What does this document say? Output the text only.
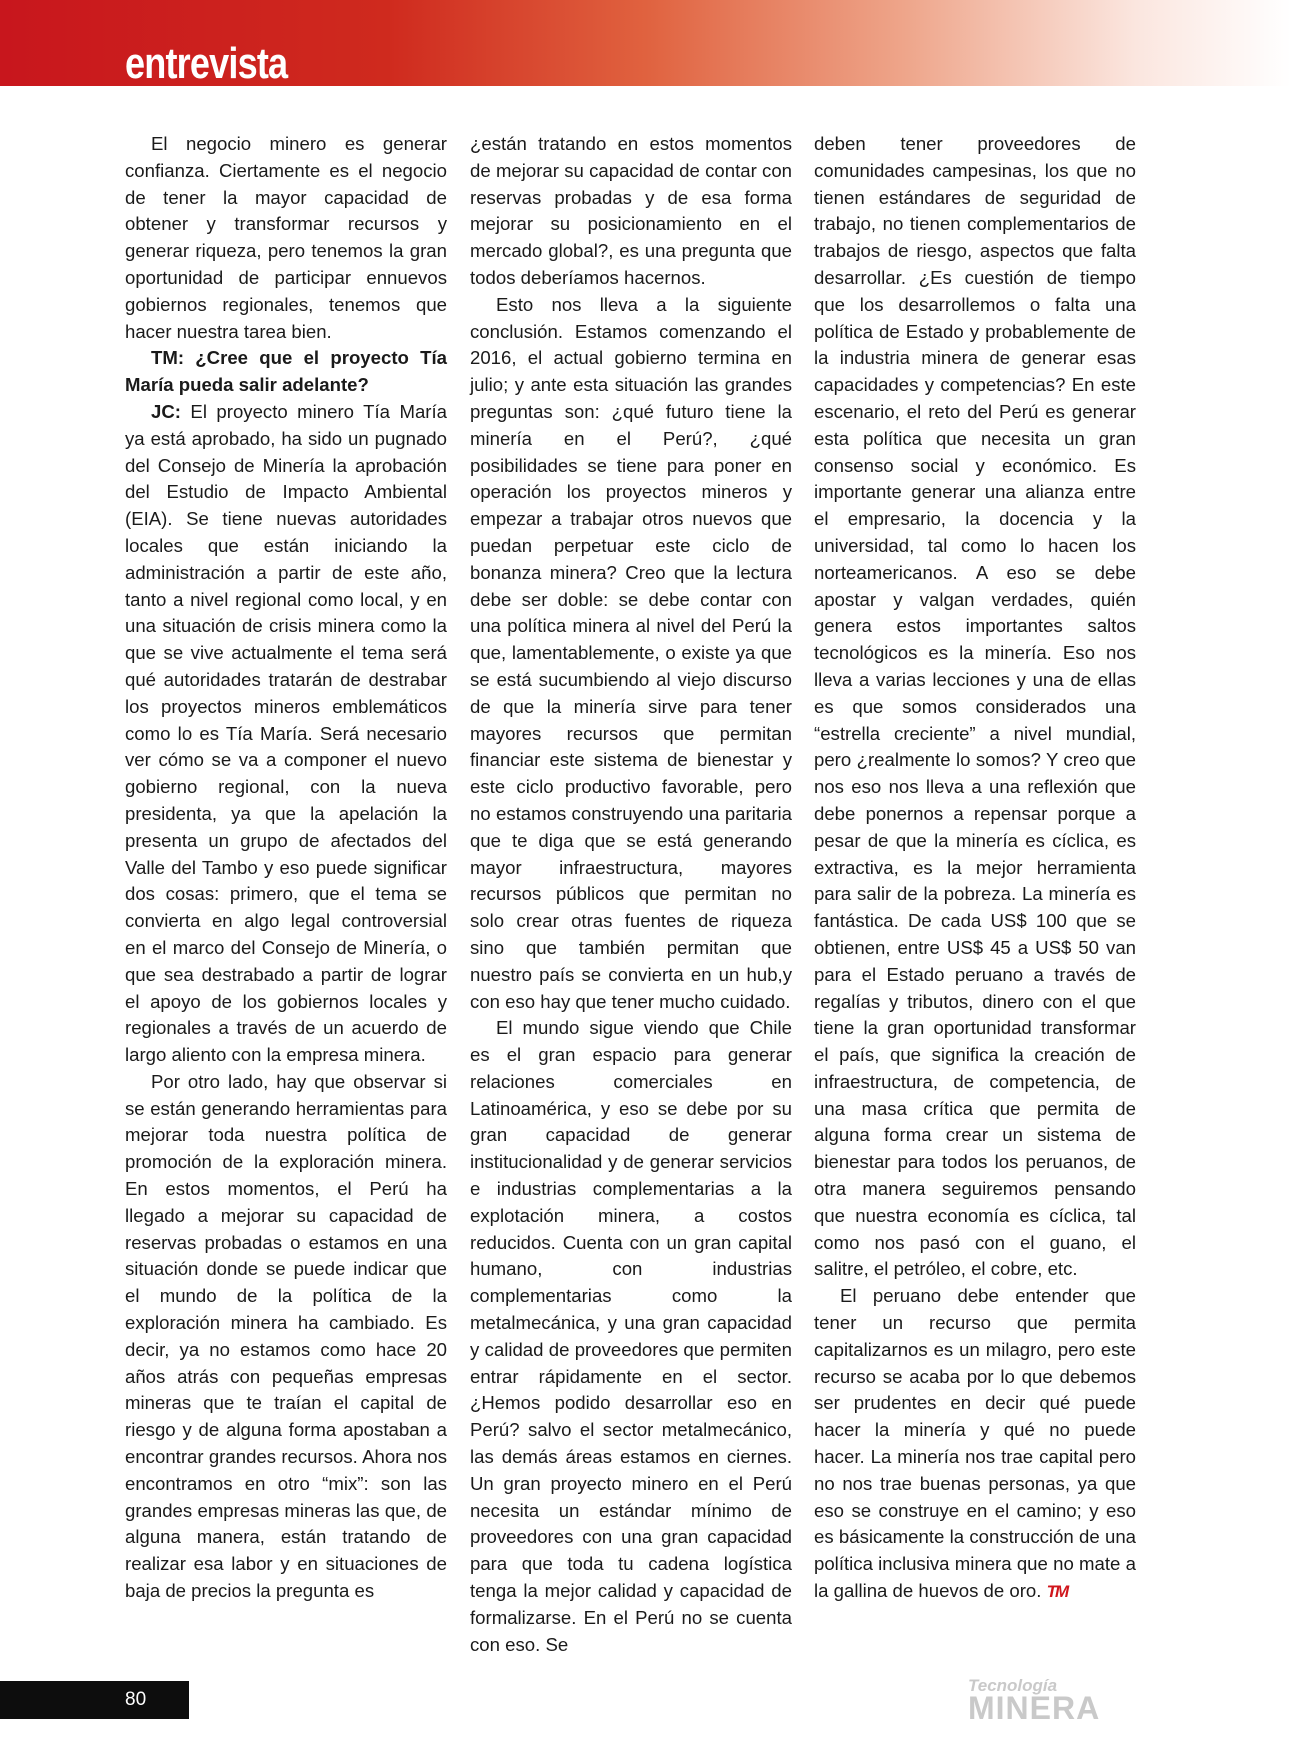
entrevista

El negocio minero es generar confianza. Ciertamente es el negocio de tener la mayor capacidad de obtener y transformar recursos y generar riqueza, pero tenemos la gran oportunidad de participar ennuevos gobiernos regionales, tenemos que hacer nuestra tarea bien.

TM: ¿Cree que el proyecto Tía María pueda salir adelante?

JC: El proyecto minero Tía María ya está aprobado, ha sido un pugnado del Consejo de Minería la aprobación del Estudio de Impacto Ambiental (EIA). Se tiene nuevas autoridades locales que están iniciando la administración a partir de este año, tanto a nivel regional como local, y en una situación de crisis minera como la que se vive actualmente el tema será qué autoridades tratarán de destrabar los proyectos mineros emblemáticos como lo es Tía María. Será necesario ver cómo se va a componer el nuevo gobierno regional, con la nueva presidenta, ya que la apelación la presenta un grupo de afectados del Valle del Tambo y eso puede significar dos cosas: primero, que el tema se convierta en algo legal controversial en el marco del Consejo de Minería, o que sea destrabado a partir de lograr el apoyo de los gobiernos locales y regionales a través de un acuerdo de largo aliento con la empresa minera.

Por otro lado, hay que observar si se están generando herramientas para mejorar toda nuestra política de promoción de la exploración minera. En estos momentos, el Perú ha llegado a mejorar su capacidad de reservas probadas o estamos en una situación donde se puede indicar que el mundo de la política de la exploración minera ha cambiado. Es decir, ya no estamos como hace 20 años atrás con pequeñas empresas mineras que te traían el capital de riesgo y de alguna forma apostaban a encontrar grandes recursos. Ahora nos encontramos en otro “mix”: son las grandes empresas mineras las que, de alguna manera, están tratando de realizar esa labor y en situaciones de baja de precios la pregunta es

¿están tratando en estos momentos de mejorar su capacidad de contar con reservas probadas y de esa forma mejorar su posicionamiento en el mercado global?, es una pregunta que todos deberíamos hacernos.

Esto nos lleva a la siguiente conclusión. Estamos comenzando el 2016, el actual gobierno termina en julio; y ante esta situación las grandes preguntas son: ¿qué futuro tiene la minería en el Perú?, ¿qué posibilidades se tiene para poner en operación los proyectos mineros y empezar a trabajar otros nuevos que puedan perpetuar este ciclo de bonanza minera? Creo que la lectura debe ser doble: se debe contar con una política minera al nivel del Perú la que, lamentablemente, o existe ya que se está sucumbiendo al viejo discurso de que la minería sirve para tener mayores recursos que permitan financiar este sistema de bienestar y este ciclo productivo favorable, pero no estamos construyendo una paritaria que te diga que se está generando mayor infraestructura, mayores recursos públicos que permitan no solo crear otras fuentes de riqueza sino que también permitan que nuestro país se convierta en un hub,y con eso hay que tener mucho cuidado.

El mundo sigue viendo que Chile es el gran espacio para generar relaciones comerciales en Latinoamérica, y eso se debe por su gran capacidad de generar institucionalidad y de generar servicios e industrias complementarias a la explotación minera, a costos reducidos. Cuenta con un gran capital humano, con industrias complementarias como la metalmecánica, y una gran capacidad y calidad de proveedores que permiten entrar rápidamente en el sector. ¿Hemos podido desarrollar eso en Perú? salvo el sector metalmecánico, las demás áreas estamos en ciernes. Un gran proyecto minero en el Perú necesita un estándar mínimo de proveedores con una gran capacidad para que toda tu cadena logística tenga la mejor calidad y capacidad de formalizarse. En el Perú no se cuenta con eso. Se

deben tener proveedores de comunidades campesinas, los que no tienen estándares de seguridad de trabajo, no tienen complementarios de trabajos de riesgo, aspectos que falta desarrollar. ¿Es cuestión de tiempo que los desarrollemos o falta una política de Estado y probablemente de la industria minera de generar esas capacidades y competencias? En este escenario, el reto del Perú es generar esta política que necesita un gran consenso social y económico. Es importante generar una alianza entre el empresario, la docencia y la universidad, tal como lo hacen los norteamericanos. A eso se debe apostar y valgan verdades, quién genera estos importantes saltos tecnológicos es la minería. Eso nos lleva a varias lecciones y una de ellas es que somos considerados una “estrella creciente” a nivel mundial, pero ¿realmente lo somos? Y creo que nos eso nos lleva a una reflexión que debe ponernos a repensar porque a pesar de que la minería es cíclica, es extractiva, es la mejor herramienta para salir de la pobreza. La minería es fantástica. De cada US$ 100 que se obtienen, entre US$ 45 a US$ 50 van para el Estado peruano a través de regalías y tributos, dinero con el que tiene la gran oportunidad transformar el país, que significa la creación de infraestructura, de competencia, de una masa crítica que permita de alguna forma crear un sistema de bienestar para todos los peruanos, de otra manera seguiremos pensando que nuestra economía es cíclica, tal como nos pasó con el guano, el salitre, el petróleo, el cobre, etc.

El peruano debe entender que tener un recurso que permita capitalizarnos es un milagro, pero este recurso se acaba por lo que debemos ser prudentes en decir qué puede hacer la minería y qué no puede hacer. La minería nos trae capital pero no nos trae buenas personas, ya que eso se construye en el camino; y eso es básicamente la construcción de una política inclusiva minera que no mate a la gallina de huevos de oro. TM

80
Tecnología
MINERA
